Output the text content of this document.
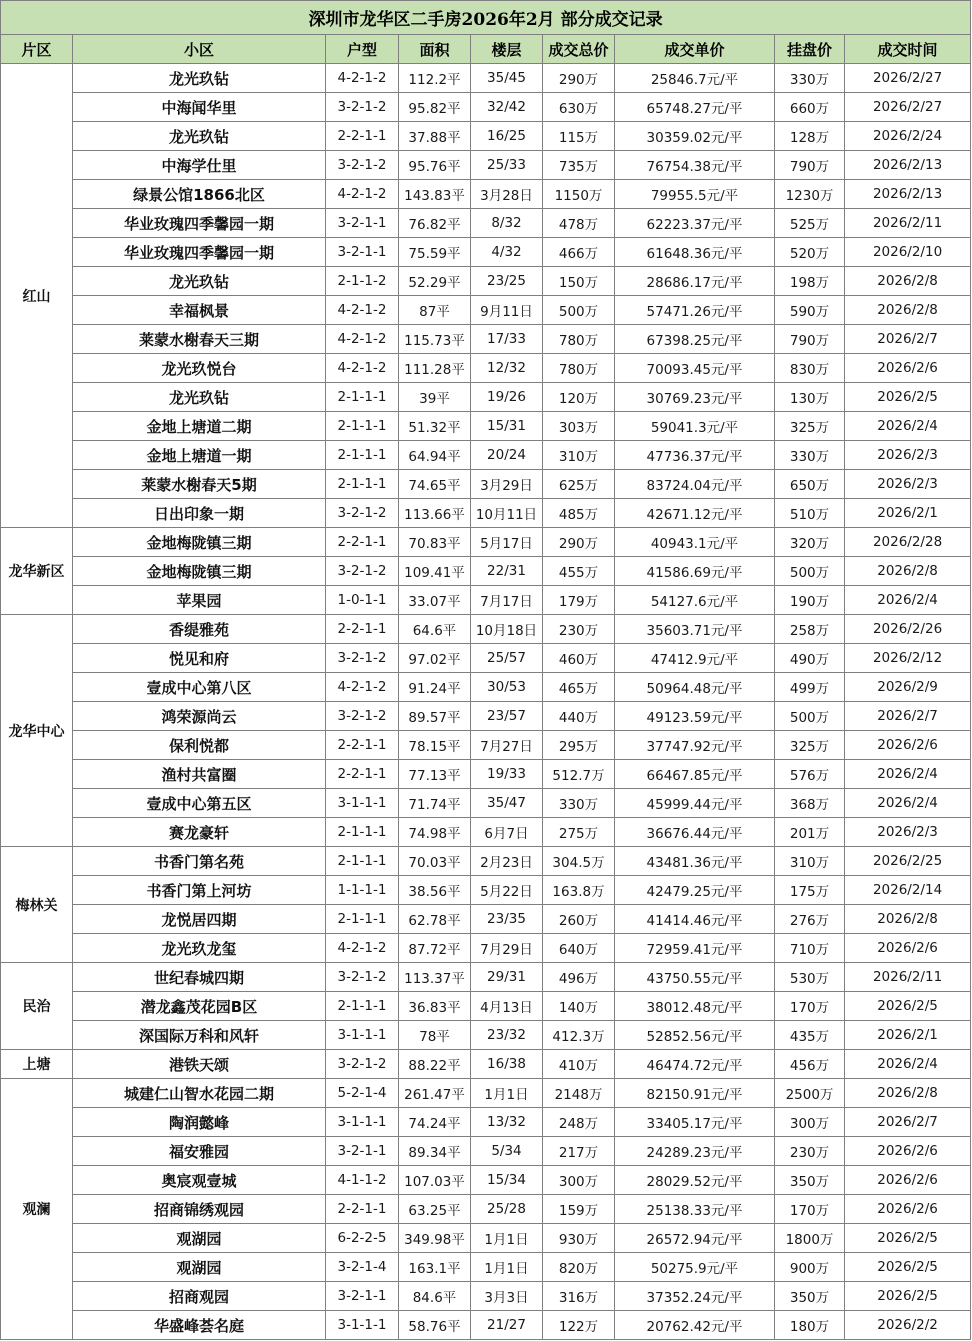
深圳市龙华区二手房2026年2月 部分成交记录								
片区	小区	户型	面积	楼层	成交总价	成交单价	挂盘价	成交时间
红山	龙光玖钻	4-2-1-2	112.2平	35/45	290万	25846.7元/平	330万	2026/2/27
	中海闻华里	3-2-1-2	95.82平	32/42	630万	65748.27元/平	660万	2026/2/27
	龙光玖钻	2-2-1-1	37.88平	16/25	115万	30359.02元/平	128万	2026/2/24
	中海学仕里	3-2-1-2	95.76平	25/33	735万	76754.38元/平	790万	2026/2/13
	绿景公馆1866北区	4-2-1-2	143.83平	3月28日	1150万	79955.5元/平	1230万	2026/2/13
	华业玫瑰四季馨园一期	3-2-1-1	76.82平	8/32	478万	62223.37元/平	525万	2026/2/11
	华业玫瑰四季馨园一期	3-2-1-1	75.59平	4/32	466万	61648.36元/平	520万	2026/2/10
	龙光玖钻	2-1-1-2	52.29平	23/25	150万	28686.17元/平	198万	2026/2/8
	幸福枫景	4-2-1-2	87平	9月11日	500万	57471.26元/平	590万	2026/2/8
	莱蒙水榭春天三期	4-2-1-2	115.73平	17/33	780万	67398.25元/平	790万	2026/2/7
	龙光玖悦台	4-2-1-2	111.28平	12/32	780万	70093.45元/平	830万	2026/2/6
	龙光玖钻	2-1-1-1	39平	19/26	120万	30769.23元/平	130万	2026/2/5
	金地上塘道二期	2-1-1-1	51.32平	15/31	303万	59041.3元/平	325万	2026/2/4
	金地上塘道一期	2-1-1-1	64.94平	20/24	310万	47736.37元/平	330万	2026/2/3
	莱蒙水榭春天5期	2-1-1-1	74.65平	3月29日	625万	83724.04元/平	650万	2026/2/3
	日出印象一期	3-2-1-2	113.66平	10月11日	485万	42671.12元/平	510万	2026/2/1
龙华新区	金地梅陇镇三期	2-2-1-1	70.83平	5月17日	290万	40943.1元/平	320万	2026/2/28
	金地梅陇镇三期	3-2-1-2	109.41平	22/31	455万	41586.69元/平	500万	2026/2/8
	苹果园	1-0-1-1	33.07平	7月17日	179万	54127.6元/平	190万	2026/2/4
龙华中心	香缇雅苑	2-2-1-1	64.6平	10月18日	230万	35603.71元/平	258万	2026/2/26
	悦见和府	3-2-1-2	97.02平	25/57	460万	47412.9元/平	490万	2026/2/12
	壹成中心第八区	4-2-1-2	91.24平	30/53	465万	50964.48元/平	499万	2026/2/9
	鸿荣源尚云	3-2-1-2	89.57平	23/57	440万	49123.59元/平	500万	2026/2/7
	保利悦都	2-2-1-1	78.15平	7月27日	295万	37747.92元/平	325万	2026/2/6
	渔村共富圈	2-2-1-1	77.13平	19/33	512.7万	66467.85元/平	576万	2026/2/4
	壹成中心第五区	3-1-1-1	71.74平	35/47	330万	45999.44元/平	368万	2026/2/4
	赛龙豪轩	2-1-1-1	74.98平	6月7日	275万	36676.44元/平	201万	2026/2/3
梅林关	书香门第名苑	2-1-1-1	70.03平	2月23日	304.5万	43481.36元/平	310万	2026/2/25
	书香门第上河坊	1-1-1-1	38.56平	5月22日	163.8万	42479.25元/平	175万	2026/2/14
	龙悦居四期	2-1-1-1	62.78平	23/35	260万	41414.46元/平	276万	2026/2/8
	龙光玖龙玺	4-2-1-2	87.72平	7月29日	640万	72959.41元/平	710万	2026/2/6
民治	世纪春城四期	3-2-1-2	113.37平	29/31	496万	43750.55元/平	530万	2026/2/11
	潜龙鑫茂花园B区	2-1-1-1	36.83平	4月13日	140万	38012.48元/平	170万	2026/2/5
	深国际万科和风轩	3-1-1-1	78平	23/32	412.3万	52852.56元/平	435万	2026/2/1
上塘	港铁天颂	3-2-1-2	88.22平	16/38	410万	46474.72元/平	456万	2026/2/4
观澜	城建仁山智水花园二期	5-2-1-4	261.47平	1月1日	2148万	82150.91元/平	2500万	2026/2/8
	陶润懿峰	3-1-1-1	74.24平	13/32	248万	33405.17元/平	300万	2026/2/7
	福安雅园	3-2-1-1	89.34平	5/34	217万	24289.23元/平	230万	2026/2/6
	奥宸观壹城	4-1-1-2	107.03平	15/34	300万	28029.52元/平	350万	2026/2/6
	招商锦绣观园	2-2-1-1	63.25平	25/28	159万	25138.33元/平	170万	2026/2/6
	观湖园	6-2-2-5	349.98平	1月1日	930万	26572.94元/平	1800万	2026/2/5
	观湖园	3-2-1-4	163.1平	1月1日	820万	50275.9元/平	900万	2026/2/5
	招商观园	3-2-1-1	84.6平	3月3日	316万	37352.24元/平	350万	2026/2/5
	华盛峰荟名庭	3-1-1-1	58.76平	21/27	122万	20762.42元/平	180万	2026/2/2
